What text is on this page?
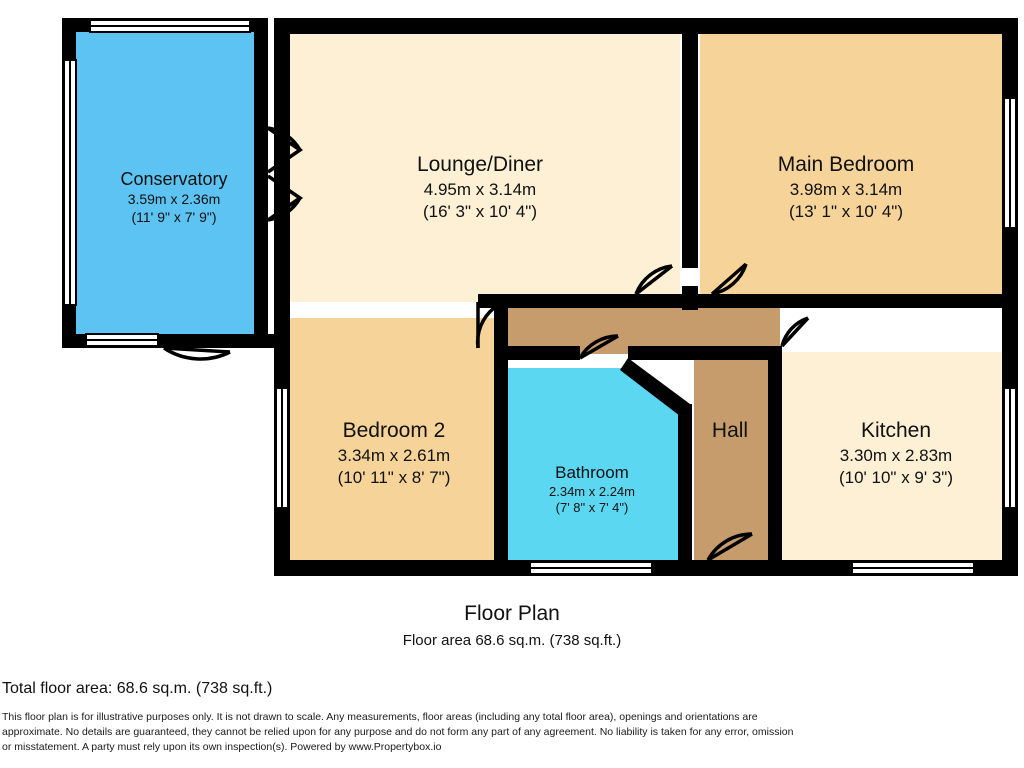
Conservatory
3.59m x 2.36m
(11' 9" x 7' 9")
Lounge/Diner
4.95m x 3.14m
(16' 3" x 10' 4")
Main Bedroom
3.98m x 3.14m
(13' 1" x 10' 4")
Bedroom 2
3.34m x 2.61m
(10' 11" x 8' 7")	Bathroom
2.34m x 2.24m
(7' 8" x 7' 4")
Hall	Kitchen
3.30m x 2.83m
(10' 10" x 9' 3")
Floor Plan
Floor area 68.6 sq.m. (738 sq.ft.)
Total floor area: 68.6 sq.m. (738 sq.ft.)
This floor plan is for illustrative purposes only. It is not drawn to scale. Any measurements, floor areas (including any total floor area), openings and orientations are approximate. No details are guaranteed, they cannot be relied upon for any purpose and do not form any part of any agreement. No liability is taken for any error, omission or misstatement. A party must rely upon its own inspection(s). Powered by www.Propertybox.io
